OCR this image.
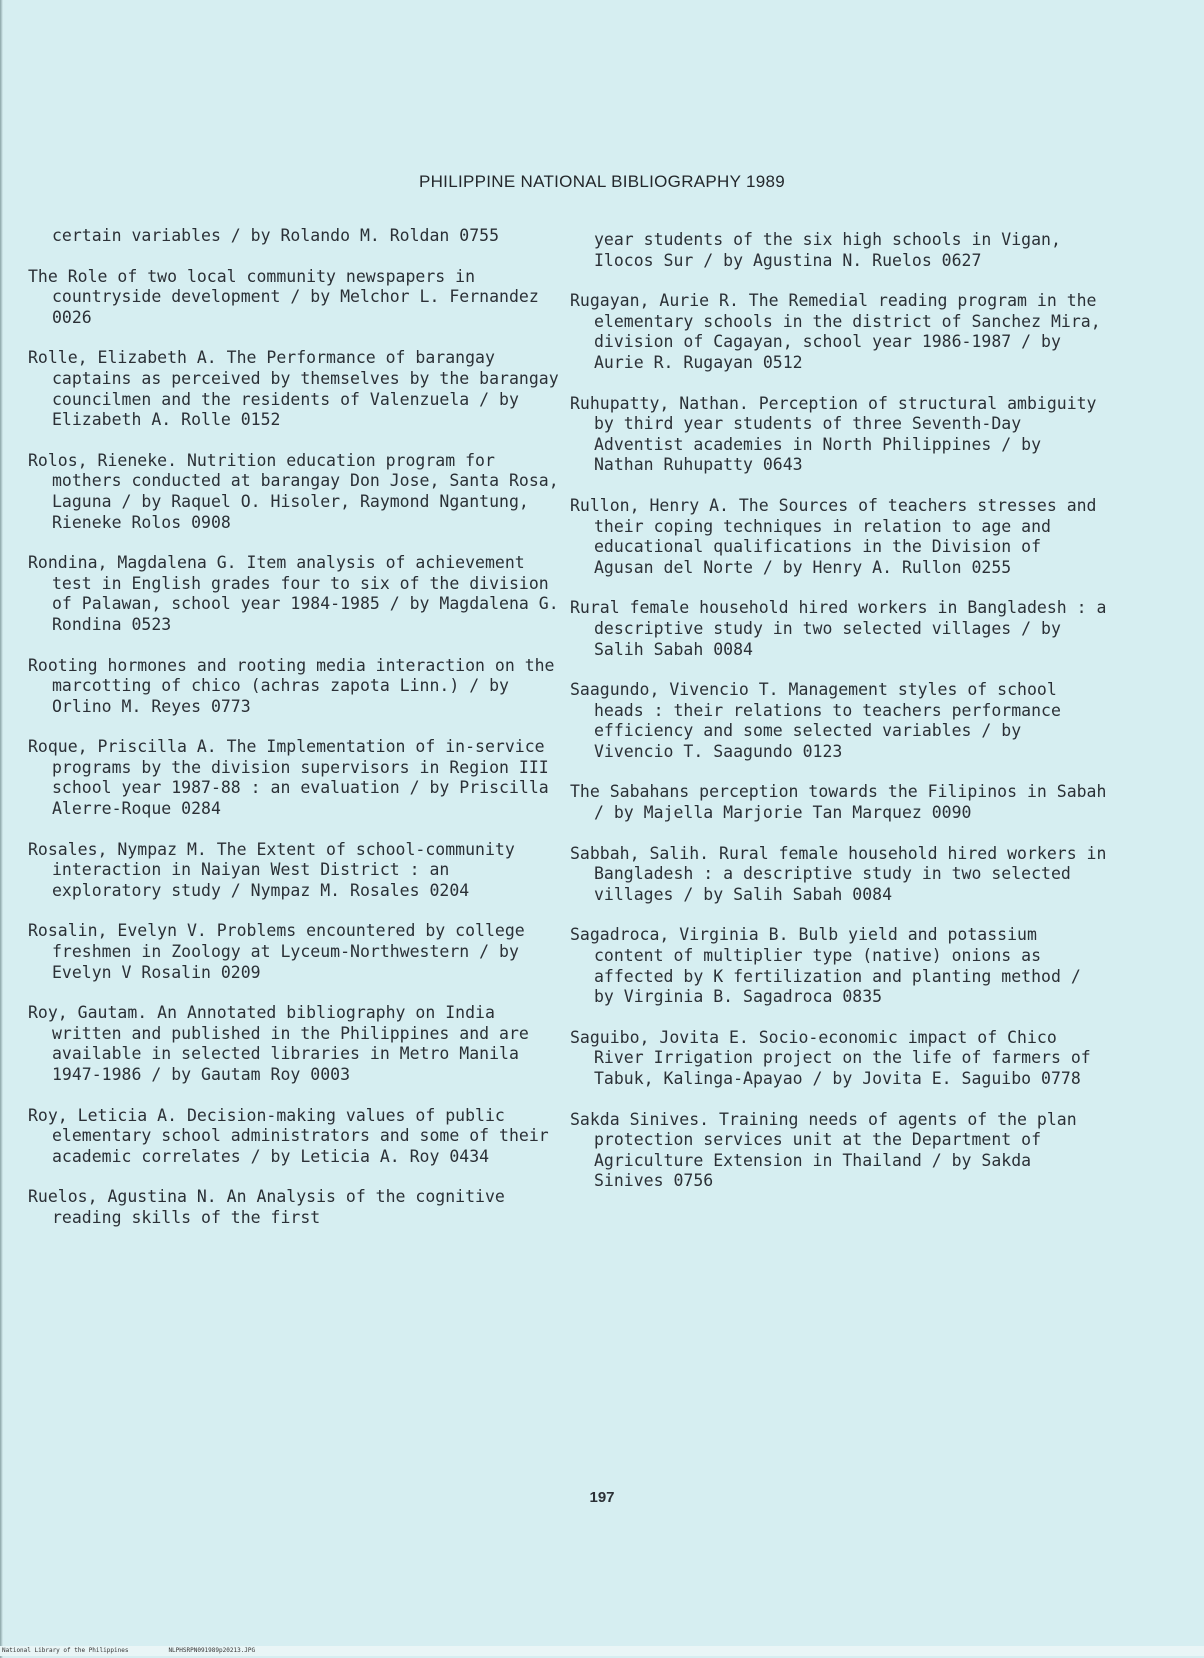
PHILIPPINE NATIONAL BIBLIOGRAPHY 1989

certain variables / by Rolando M. Roldan 0755

The Role of two local community newspapers in countryside development / by Melchor L. Fernandez 0026

Rolle, Elizabeth A. The Performance of barangay captains as perceived by themselves by the barangay councilmen and the residents of Valenzuela / by Elizabeth A. Rolle 0152

Rolos, Rieneke. Nutrition education program for mothers conducted at barangay Don Jose, Santa Rosa, Laguna / by Raquel O. Hisoler, Raymond Ngantung, Rieneke Rolos 0908

Rondina, Magdalena G. Item analysis of achievement test in English grades four to six of the division of Palawan, school year 1984-1985 / by Magdalena G. Rondina 0523

Rooting hormones and rooting media interaction on the marcotting of chico (achras zapota Linn.) / by Orlino M. Reyes 0773

Roque, Priscilla A. The Implementation of in-service programs by the division supervisors in Region III school year 1987-88 : an evaluation / by Priscilla Alerre-Roque 0284

Rosales, Nympaz M. The Extent of school-community interaction in Naiyan West District : an exploratory study / Nympaz M. Rosales 0204

Rosalin, Evelyn V. Problems encountered by college freshmen in Zoology at Lyceum-Northwestern / by Evelyn V Rosalin 0209

Roy, Gautam. An Annotated bibliography on India written and published in the Philippines and are available in selected libraries in Metro Manila 1947-1986 / by Gautam Roy 0003

Roy, Leticia A. Decision-making values of public elementary school administrators and some of their academic correlates / by Leticia A. Roy 0434

Ruelos, Agustina N. An Analysis of the cognitive reading skills of the first

year students of the six high schools in Vigan, Ilocos Sur / by Agustina N. Ruelos 0627

Rugayan, Aurie R. The Remedial reading program in the elementary schools in the district of Sanchez Mira, division of Cagayan, school year 1986-1987 / by Aurie R. Rugayan 0512

Ruhupatty, Nathan. Perception of structural ambiguity by third year students of three Seventh-Day Adventist academies in North Philippines / by Nathan Ruhupatty 0643

Rullon, Henry A. The Sources of teachers stresses and their coping techniques in relation to age and educational qualifications in the Division of Agusan del Norte / by Henry A. Rullon 0255

Rural female household hired workers in Bangladesh : a descriptive study in two selected villages / by Salih Sabah 0084

Saagundo, Vivencio T. Management styles of school heads : their relations to teachers performance efficiency and some selected variables / by Vivencio T. Saagundo 0123

The Sabahans perception towards the Filipinos in Sabah / by Majella Marjorie Tan Marquez 0090

Sabbah, Salih. Rural female household hired workers in Bangladesh : a descriptive study in two selected villages / by Salih Sabah 0084

Sagadroca, Virginia B. Bulb yield and potassium content of multiplier type (native) onions as affected by K fertilization and planting method / by Virginia B. Sagadroca 0835

Saguibo, Jovita E. Socio-economic impact of Chico River Irrigation project on the life of farmers of Tabuk, Kalinga-Apayao / by Jovita E. Saguibo 0778

Sakda Sinives. Training needs of agents of the plan protection services unit at the Department of Agriculture Extension in Thailand / by Sakda Sinives 0756

197
National Library of the Philippines	NLPHSRPN091989p20213.JPG
